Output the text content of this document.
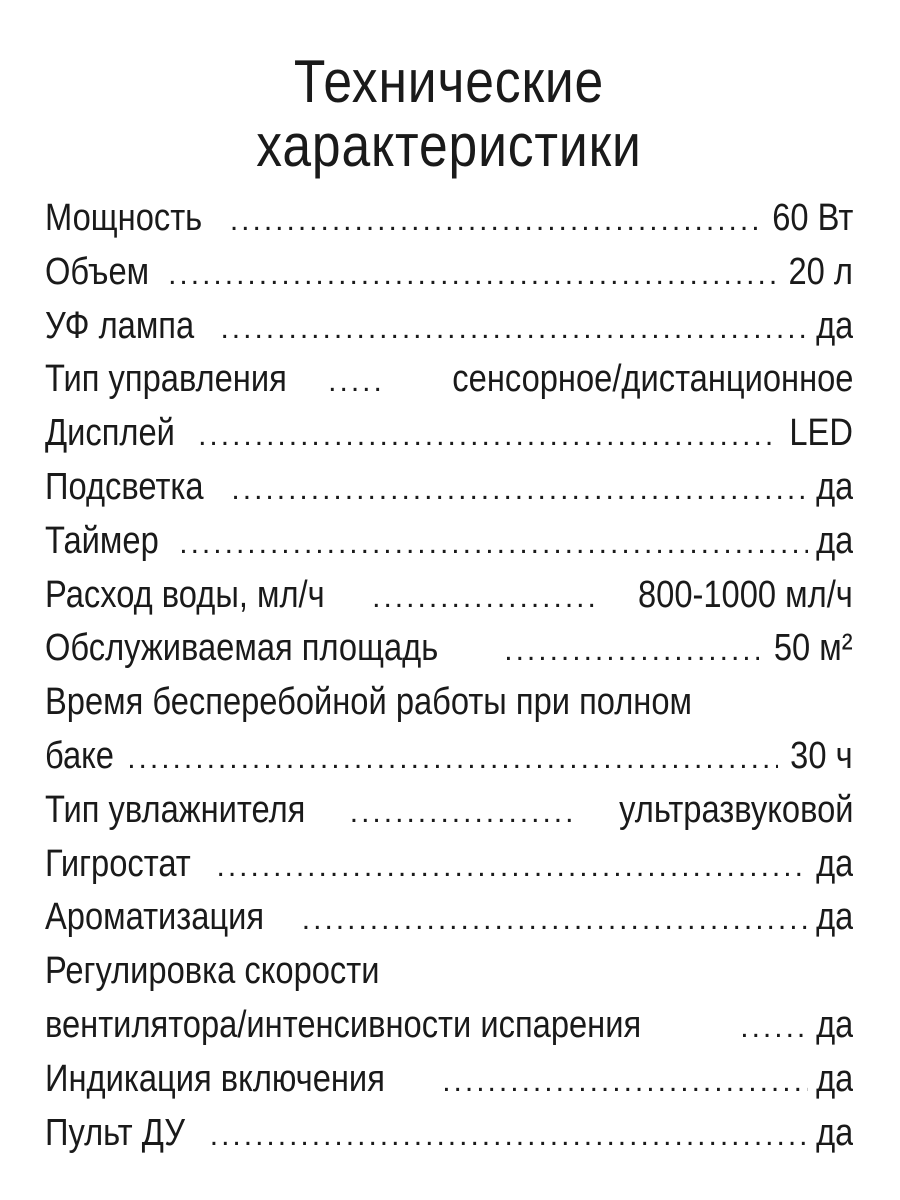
Технические
характеристики
Мощность .....	60 Вт
Объем .....	20 л
УФ лампа .....	да
Тип управления .....	сенсорное/дистанционное
Дисплей .....	LED
Подсветка .....	да
Таймер .....	да
Расход воды, мл/ч .....	800-1000 мл/ч
Обслуживаемая площадь .....	50 м²
Время бесперебойной работы при полном
баке .....	30 ч
Тип увлажнителя .....	ультразвуковой
Гигростат .....	да
Ароматизация .....	да
Регулировка скорости
вентилятора/интенсивности испарения .....	да
Индикация включения .....	да
Пульт ДУ .....	да
